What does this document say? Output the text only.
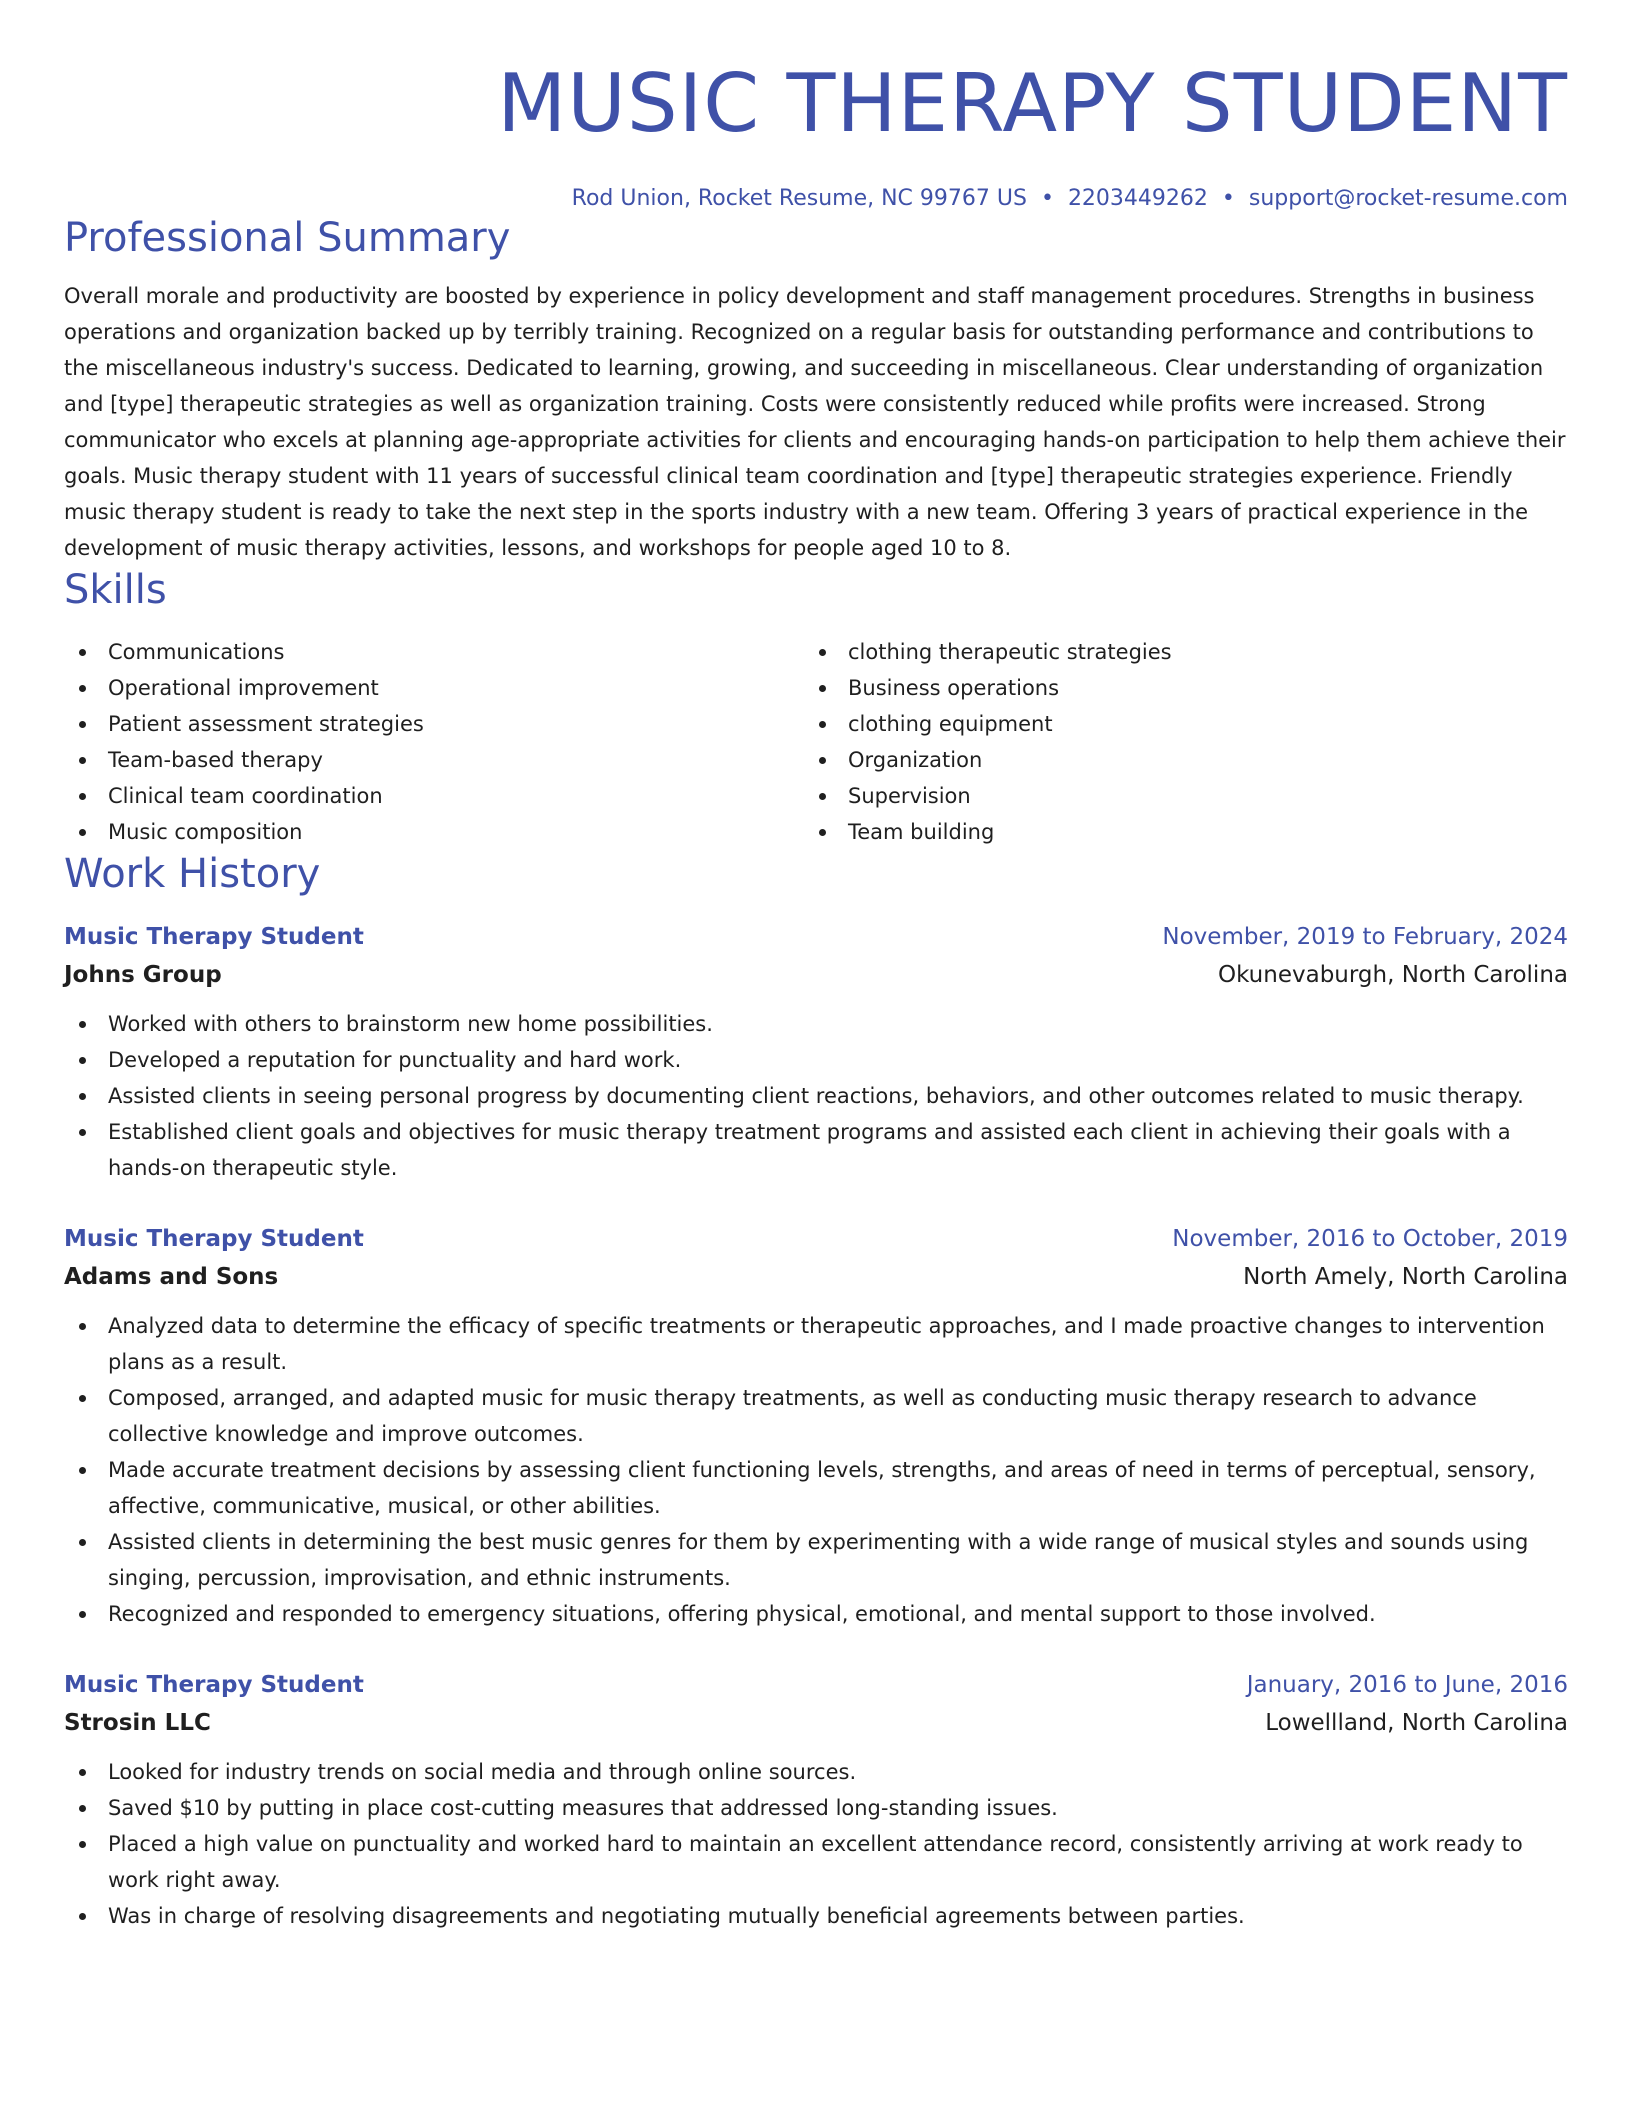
MUSIC THERAPY STUDENT
Rod Union, Rocket Resume, NC 99767 US • 2203449262 • support@rocket-resume.com
Professional Summary

Overall morale and productivity are boosted by experience in policy development and staff management procedures. Strengths in business operations and organization backed up by terribly training. Recognized on a regular basis for outstanding performance and contributions to the miscellaneous industry's success. Dedicated to learning, growing, and succeeding in miscellaneous. Clear understanding of organization and [type] therapeutic strategies as well as organization training. Costs were consistently reduced while profits were increased. Strong communicator who excels at planning age-appropriate activities for clients and encouraging hands-on participation to help them achieve their goals. Music therapy student with 11 years of successful clinical team coordination and [type] therapeutic strategies experience. Friendly music therapy student is ready to take the next step in the sports industry with a new team. Offering 3 years of practical experience in the development of music therapy activities, lessons, and workshops for people aged 10 to 8.

Skills
Communications
Operational improvement
Patient assessment strategies
Team-based therapy
Clinical team coordination
Music composition
clothing therapeutic strategies
Business operations
clothing equipment
Organization
Supervision
Team building
Work History
Music Therapy Student	November, 2019 to February, 2024
Johns Group	Okunevaburgh, North Carolina
Worked with others to brainstorm new home possibilities.
Developed a reputation for punctuality and hard work.
Assisted clients in seeing personal progress by documenting client reactions, behaviors, and other outcomes related to music therapy.
Established client goals and objectives for music therapy treatment programs and assisted each client in achieving their goals with a hands-on therapeutic style.
Music Therapy Student	November, 2016 to October, 2019
Adams and Sons	North Amely, North Carolina
Analyzed data to determine the efficacy of specific treatments or therapeutic approaches, and I made proactive changes to intervention plans as a result.
Composed, arranged, and adapted music for music therapy treatments, as well as conducting music therapy research to advance collective knowledge and improve outcomes.
Made accurate treatment decisions by assessing client functioning levels, strengths, and areas of need in terms of perceptual, sensory, affective, communicative, musical, or other abilities.
Assisted clients in determining the best music genres for them by experimenting with a wide range of musical styles and sounds using singing, percussion, improvisation, and ethnic instruments.
Recognized and responded to emergency situations, offering physical, emotional, and mental support to those involved.
Music Therapy Student	January, 2016 to June, 2016
Strosin LLC	Lowellland, North Carolina
Looked for industry trends on social media and through online sources.
Saved $10 by putting in place cost-cutting measures that addressed long-standing issues.
Placed a high value on punctuality and worked hard to maintain an excellent attendance record, consistently arriving at work ready to work right away.
Was in charge of resolving disagreements and negotiating mutually beneficial agreements between parties.
